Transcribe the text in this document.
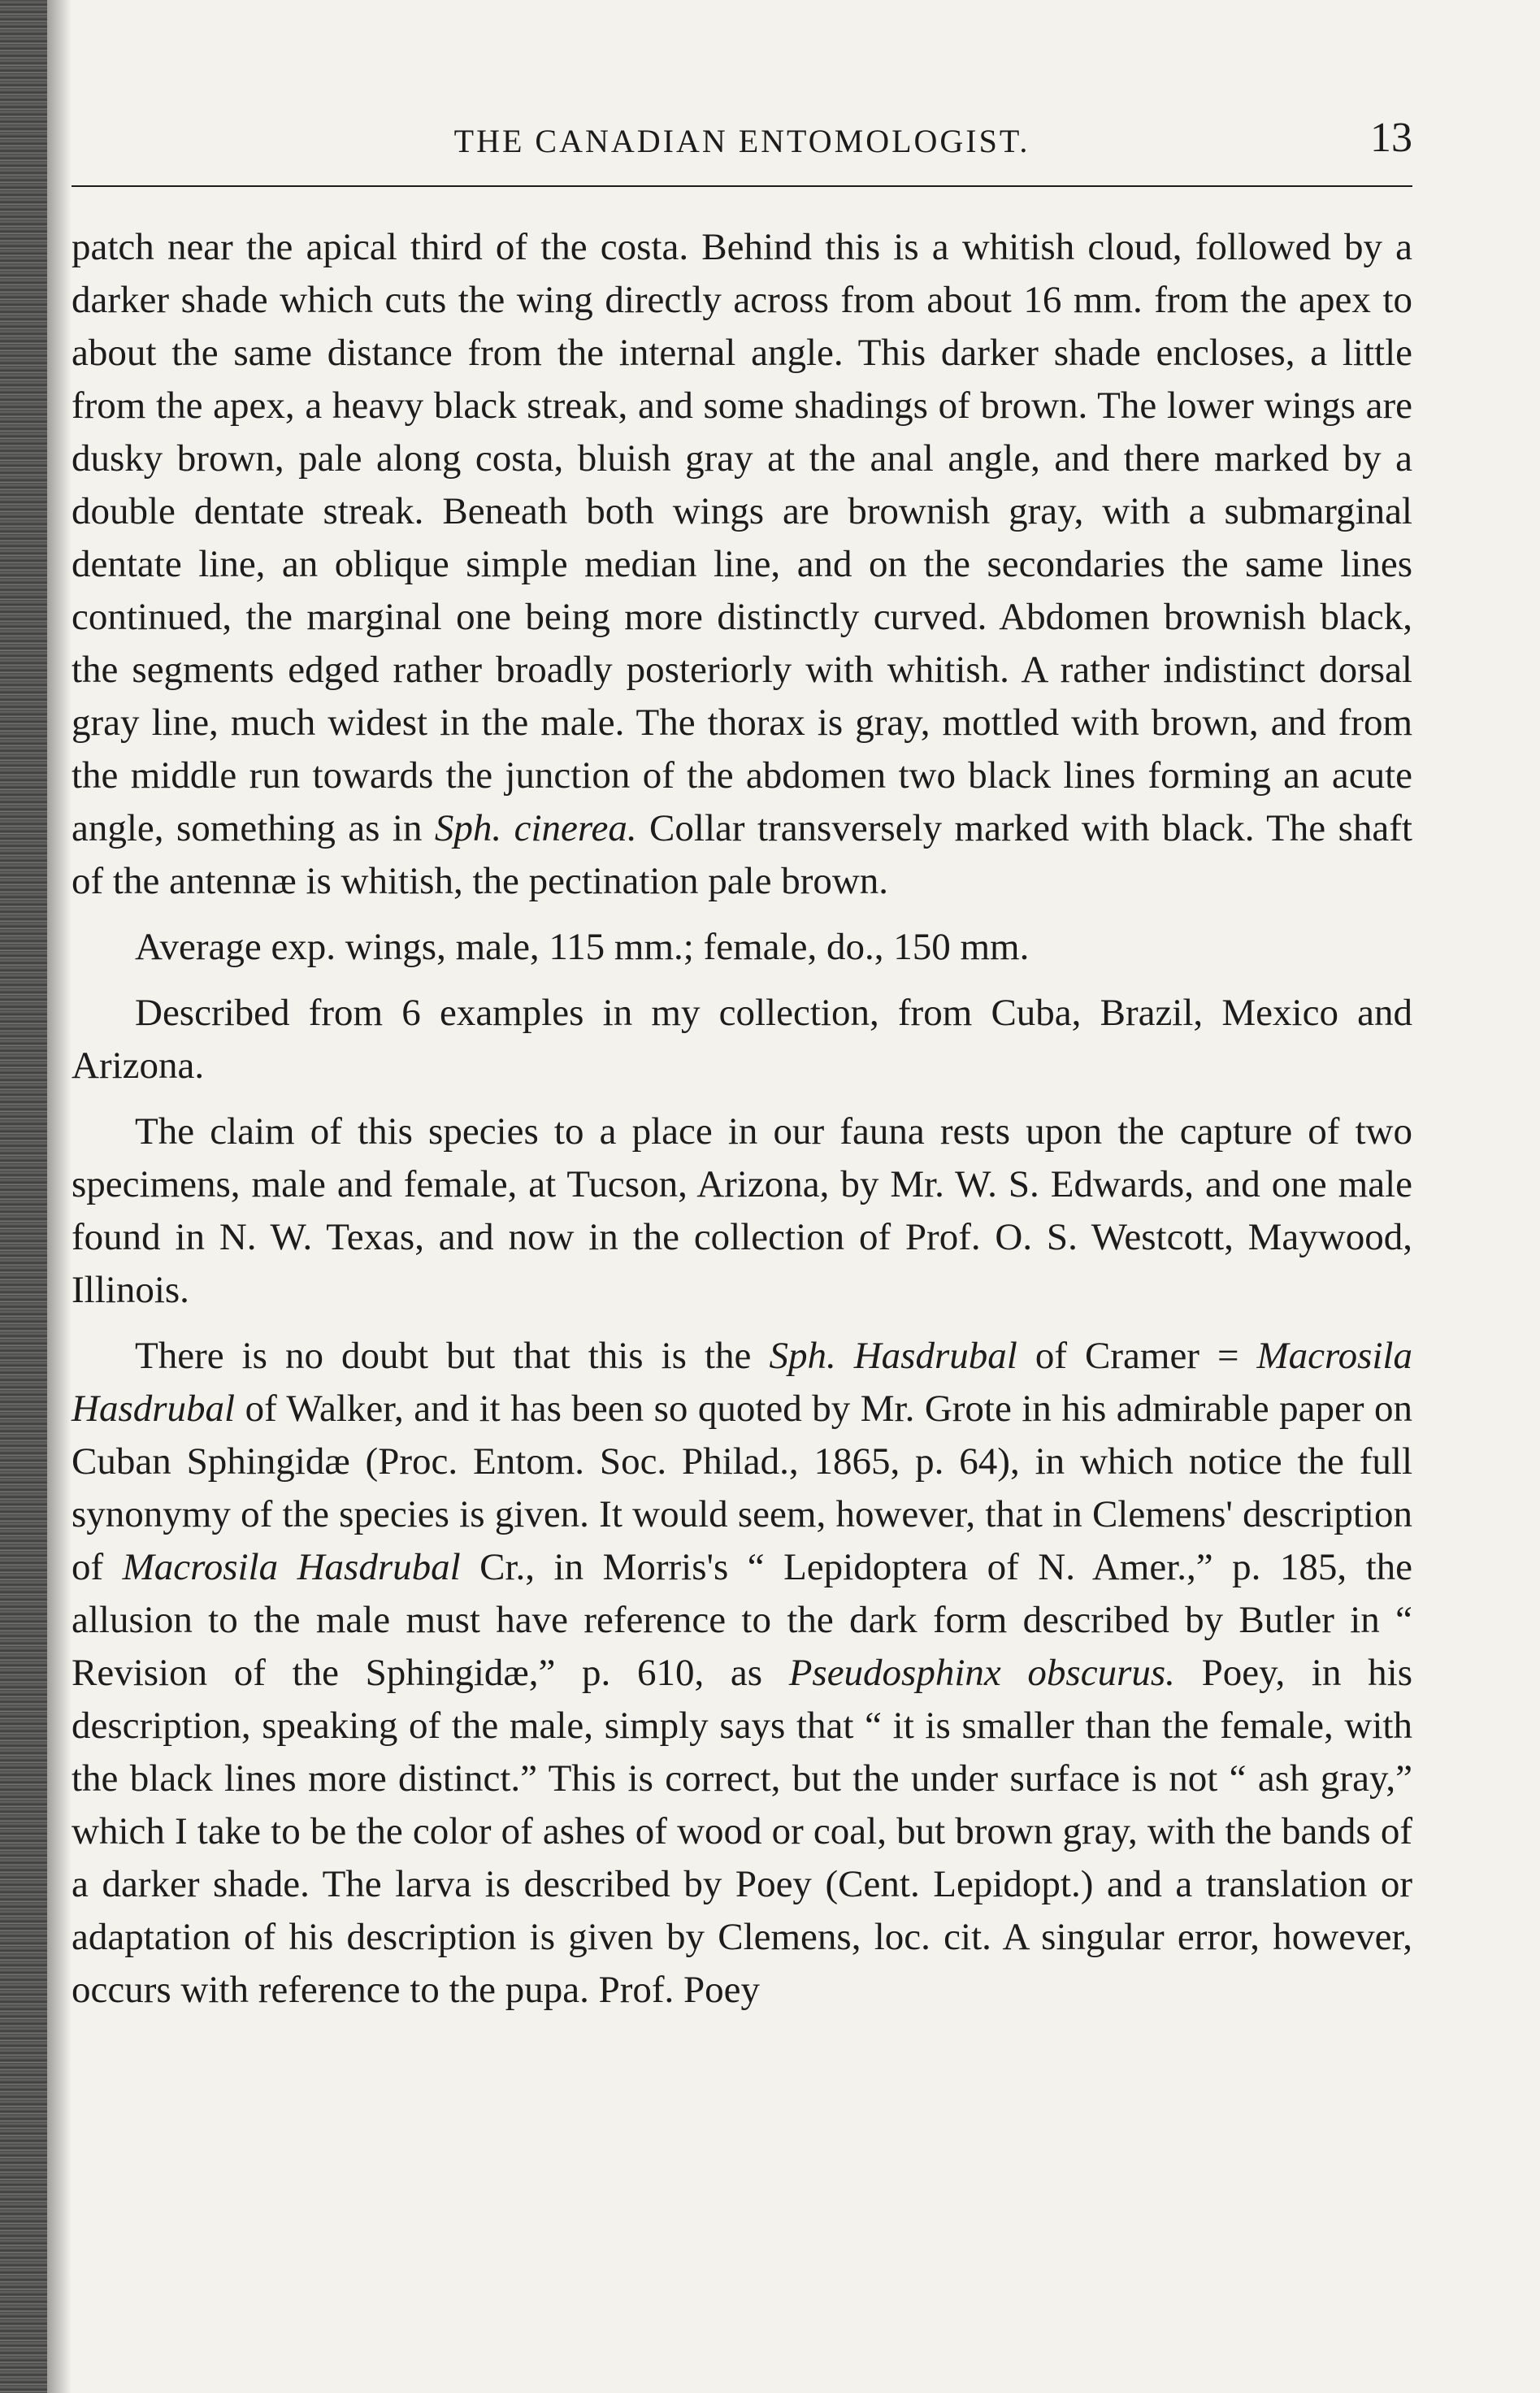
THE CANADIAN ENTOMOLOGIST.	13

patch near the apical third of the costa. Behind this is a whitish cloud, followed by a darker shade which cuts the wing directly across from about 16 mm. from the apex to about the same distance from the internal angle. This darker shade encloses, a little from the apex, a heavy black streak, and some shadings of brown. The lower wings are dusky brown, pale along costa, bluish gray at the anal angle, and there marked by a double dentate streak. Beneath both wings are brownish gray, with a submarginal dentate line, an oblique simple median line, and on the secondaries the same lines continued, the marginal one being more distinctly curved. Abdomen brownish black, the segments edged rather broadly posteriorly with whitish. A rather indistinct dorsal gray line, much widest in the male. The thorax is gray, mottled with brown, and from the middle run towards the junction of the abdomen two black lines forming an acute angle, something as in Sph. cinerea. Collar transversely marked with black. The shaft of the antennæ is whitish, the pectination pale brown.

Average exp. wings, male, 115 mm.; female, do., 150 mm.

Described from 6 examples in my collection, from Cuba, Brazil, Mexico and Arizona.

The claim of this species to a place in our fauna rests upon the capture of two specimens, male and female, at Tucson, Arizona, by Mr. W. S. Edwards, and one male found in N. W. Texas, and now in the collection of Prof. O. S. Westcott, Maywood, Illinois.

There is no doubt but that this is the Sph. Hasdrubal of Cramer = Macrosila Hasdrubal of Walker, and it has been so quoted by Mr. Grote in his admirable paper on Cuban Sphingidæ (Proc. Entom. Soc. Philad., 1865, p. 64), in which notice the full synonymy of the species is given. It would seem, however, that in Clemens' description of Macrosila Hasdrubal Cr., in Morris's “ Lepidoptera of N. Amer.,” p. 185, the allusion to the male must have reference to the dark form described by Butler in “ Revision of the Sphingidæ,” p. 610, as Pseudosphinx obscurus. Poey, in his description, speaking of the male, simply says that “ it is smaller than the female, with the black lines more distinct.” This is correct, but the under surface is not “ ash gray,” which I take to be the color of ashes of wood or coal, but brown gray, with the bands of a darker shade. The larva is described by Poey (Cent. Lepidopt.) and a translation or adaptation of his description is given by Clemens, loc. cit. A singular error, however, occurs with reference to the pupa. Prof. Poey
